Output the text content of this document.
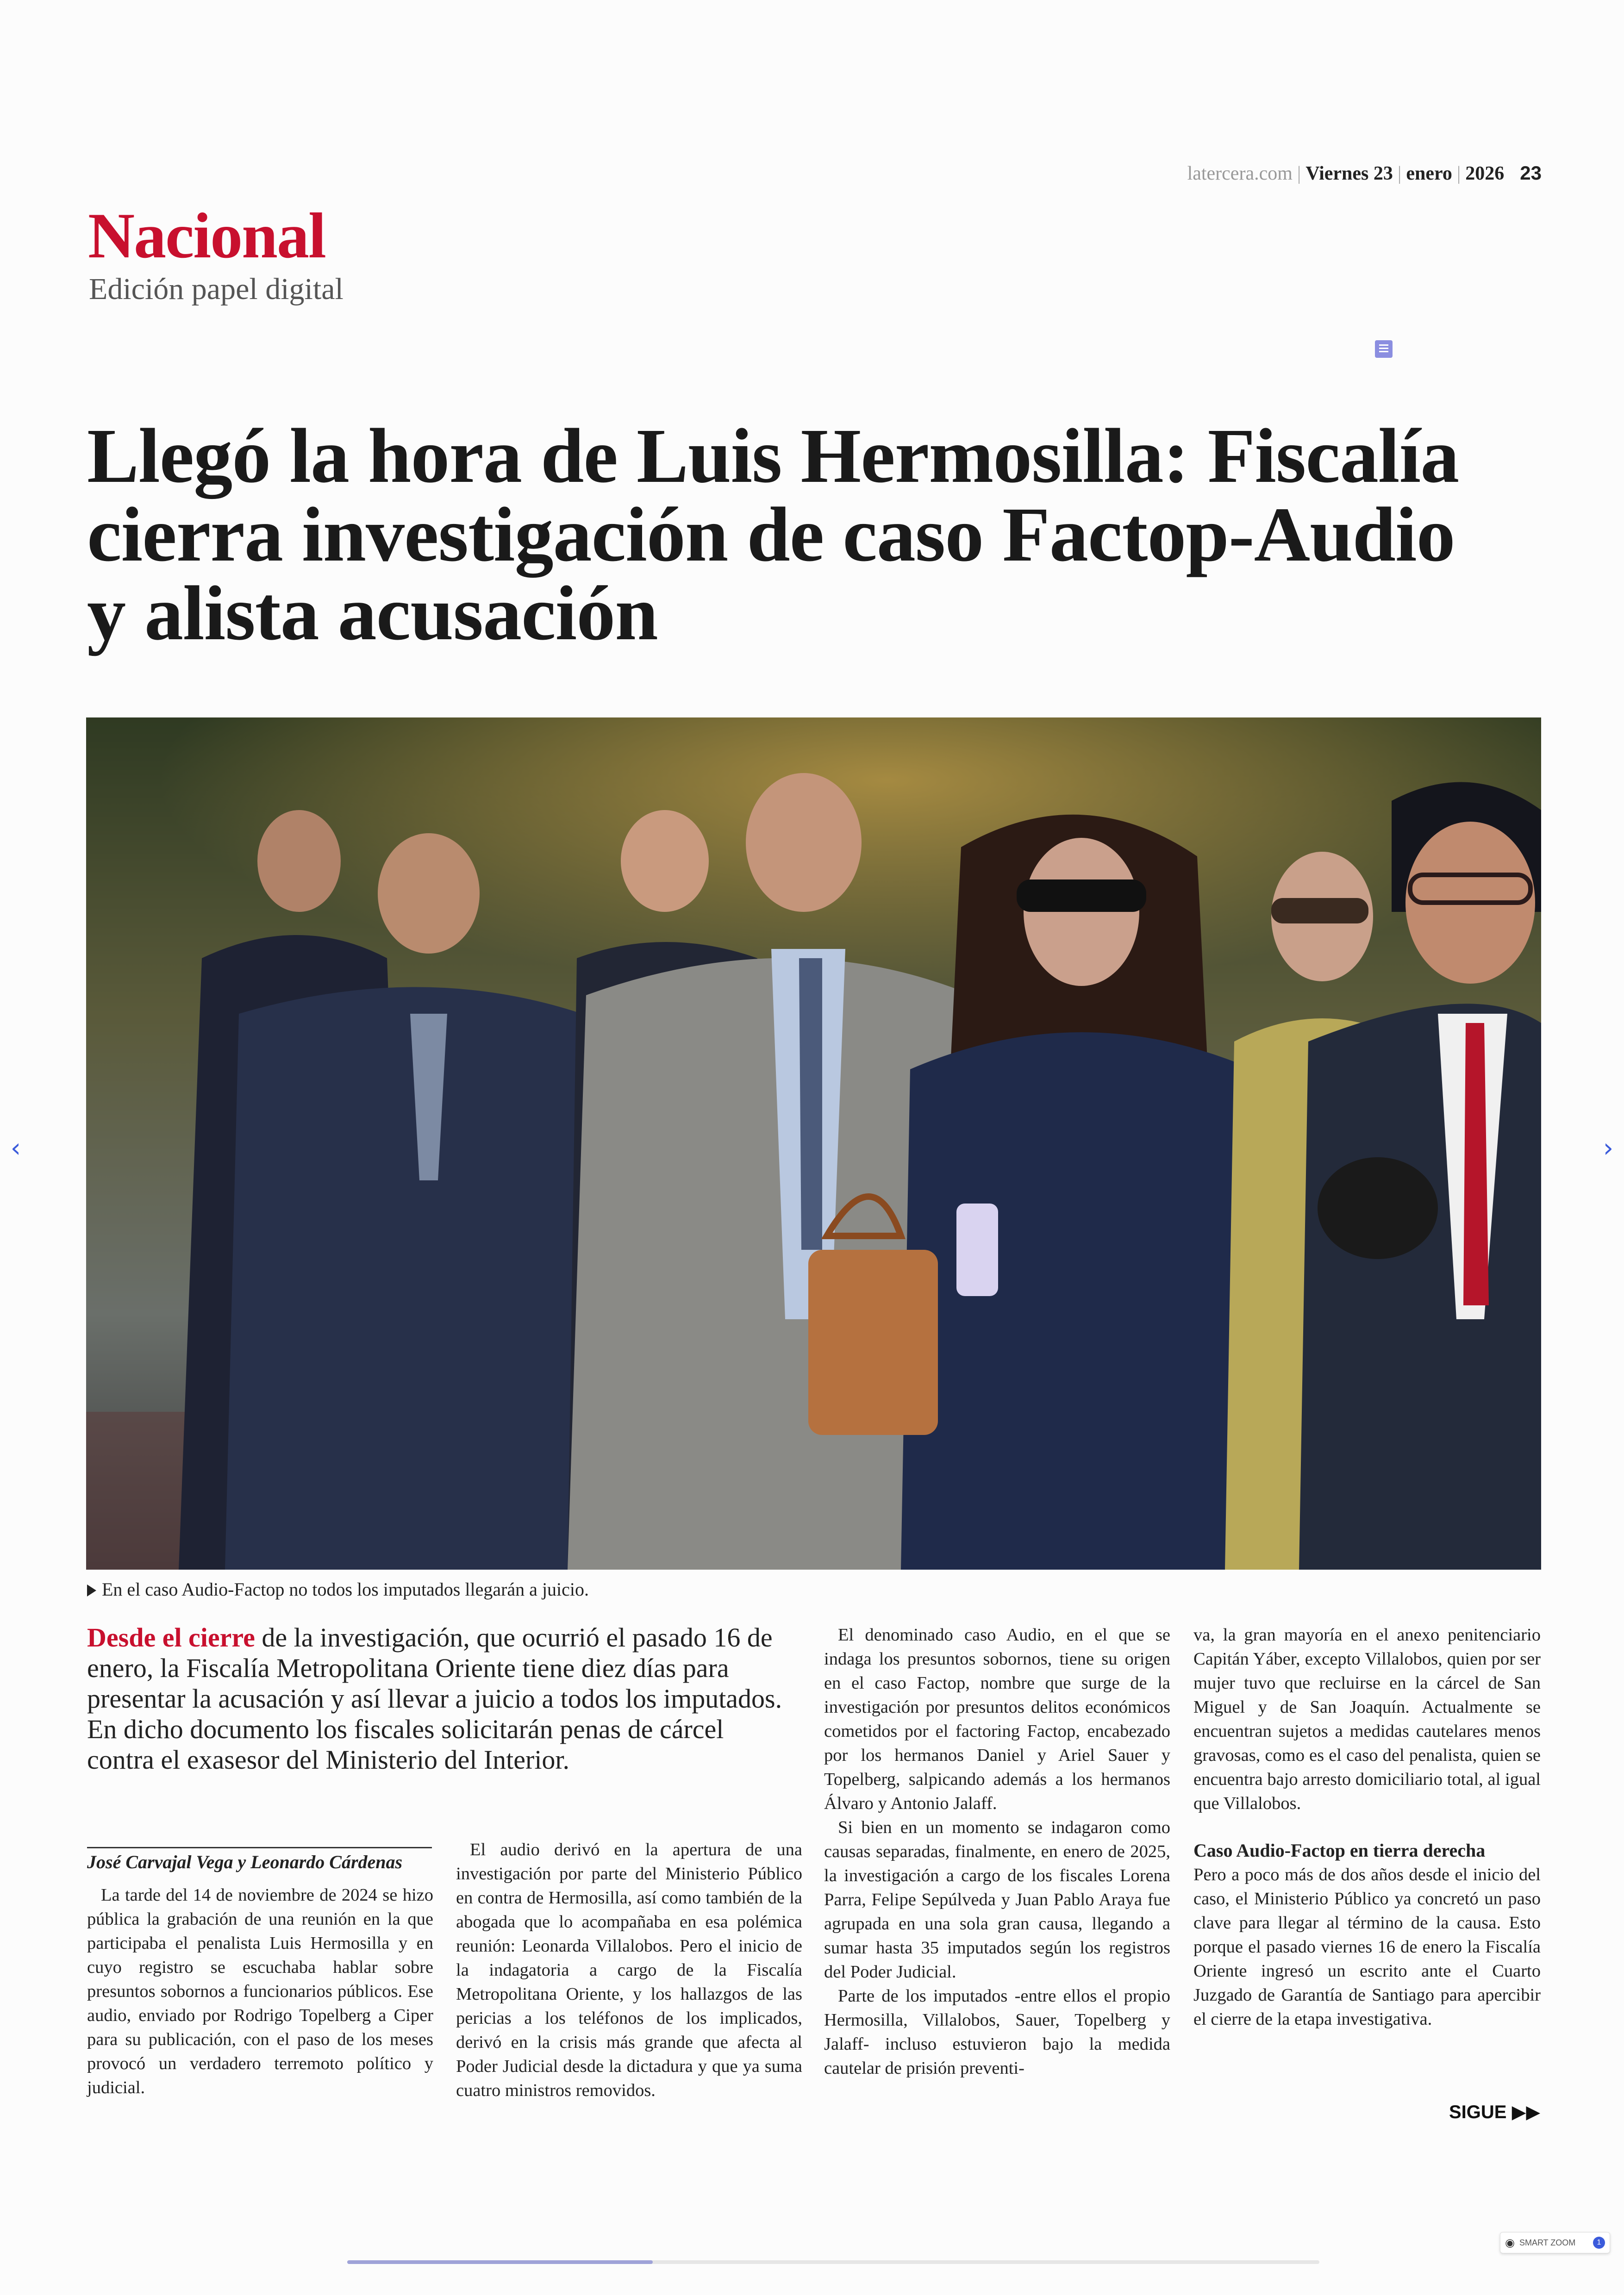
latercera.com | Viernes 23 | enero | 2026 23
Nacional
Edición papel digital
Llegó la hora de Luis Hermosilla: Fiscalía cierra investigación de caso Factop-Audio y alista acusación
En el caso Audio-Factop no todos los imputados llegarán a juicio.
‹	›
Desde el cierre de la investigación, que ocurrió el pasado 16 de enero, la Fiscalía Metropolitana Oriente tiene diez días para presentar la acusación y así llevar a juicio a todos los imputados. En dicho documento los fiscales solicitarán penas de cárcel contra el exasesor del Ministerio del Interior.
José Carvajal Vega y Leonardo Cárdenas

La tarde del 14 de noviembre de 2024 se hizo pública la grabación de una reunión en la que participaba el penalista Luis Hermosilla y en cuyo registro se escuchaba hablar sobre presuntos sobornos a funcionarios públicos. Ese audio, enviado por Rodrigo Topelberg a Ciper para su publicación, con el paso de los meses provocó un verdadero terremoto político y judicial.

El audio derivó en la apertura de una investigación por parte del Ministerio Público en contra de Hermosilla, así como también de la abogada que lo acompañaba en esa polémica reunión: Leonarda Villalobos. Pero el inicio de la indagatoria a cargo de la Fiscalía Metropolitana Oriente, y los hallazgos de las pericias a los teléfonos de los implicados, derivó en la crisis más grande que afecta al Poder Judicial desde la dictadura y que ya suma cuatro ministros removidos.

El denominado caso Audio, en el que se indaga los presuntos sobornos, tiene su origen en el caso Factop, nombre que surge de la investigación por presuntos delitos económicos cometidos por el factoring Factop, encabezado por los hermanos Daniel y Ariel Sauer y Topelberg, salpicando además a los hermanos Álvaro y Antonio Jalaff.

Si bien en un momento se indagaron como causas separadas, finalmente, en enero de 2025, la investigación a cargo de los fiscales Lorena Parra, Felipe Sepúlveda y Juan Pablo Araya fue agrupada en una sola gran causa, llegando a sumar hasta 35 imputados según los registros del Poder Judicial.

Parte de los imputados -entre ellos el propio Hermosilla, Villalobos, Sauer, Topelberg y Jalaff- incluso estuvieron bajo la medida cautelar de prisión preventi-

va, la gran mayoría en el anexo penitenciario Capitán Yáber, excepto Villalobos, quien por ser mujer tuvo que recluirse en la cárcel de San Miguel y de San Joaquín. Actualmente se encuentran sujetos a medidas cautelares menos gravosas, como es el caso del penalista, quien se encuentra bajo arresto domiciliario total, al igual que Villalobos.

Caso Audio-Factop en tierra derecha

Pero a poco más de dos años desde el inicio del caso, el Ministerio Público ya concretó un paso clave para llegar al término de la causa. Esto porque el pasado viernes 16 de enero la Fiscalía Oriente ingresó un escrito ante el Cuarto Juzgado de Garantía de Santiago para apercibir el cierre de la etapa investigativa.

SIGUE ▶▶
◉ SMART ZOOM	1
